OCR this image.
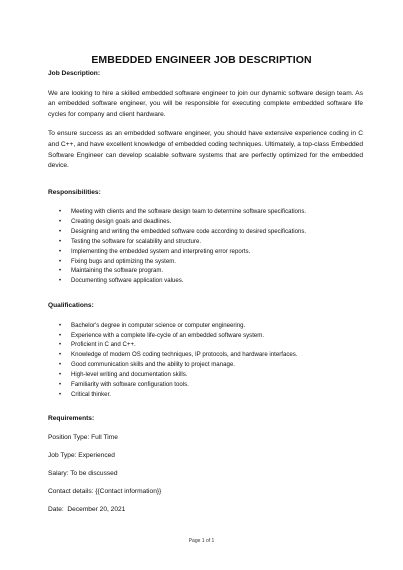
EMBEDDED ENGINEER JOB DESCRIPTION
Job Description:

We are looking to hire a skilled embedded software engineer to join our dynamic software design team. As an embedded software engineer, you will be responsible for executing complete embedded software life cycles for company and client hardware.

To ensure success as an embedded software engineer, you should have extensive experience coding in C and C++, and have excellent knowledge of embedded coding techniques. Ultimately, a top-class Embedded Software Engineer can develop scalable software systems that are perfectly optimized for the embedded device.

Responsibilities:
• Meeting with clients and the software design team to determine software specifications.
• Creating design goals and deadlines.
• Designing and writing the embedded software code according to desired specifications.
• Testing the software for scalability and structure.
• Implementing the embedded system and interpreting error reports.
• Fixing bugs and optimizing the system.
• Maintaining the software program.
• Documenting software application values.
Qualifications:
• Bachelor's degree in computer science or computer engineering.
• Experience with a complete life-cycle of an embedded software system.
• Proficient in C and C++.
• Knowledge of modern OS coding techniques, IP protocols, and hardware interfaces.
• Good communication skills and the ability to project manage.
• High-level writing and documentation skills.
• Familiarity with software configuration tools.
• Critical thinker.
Requirements:
Position Type: Full Time
Job Type: Experienced
Salary: To be discussed
Contact details: {{Contact information}}
Date:  December 20, 2021
Page 1 of 1
